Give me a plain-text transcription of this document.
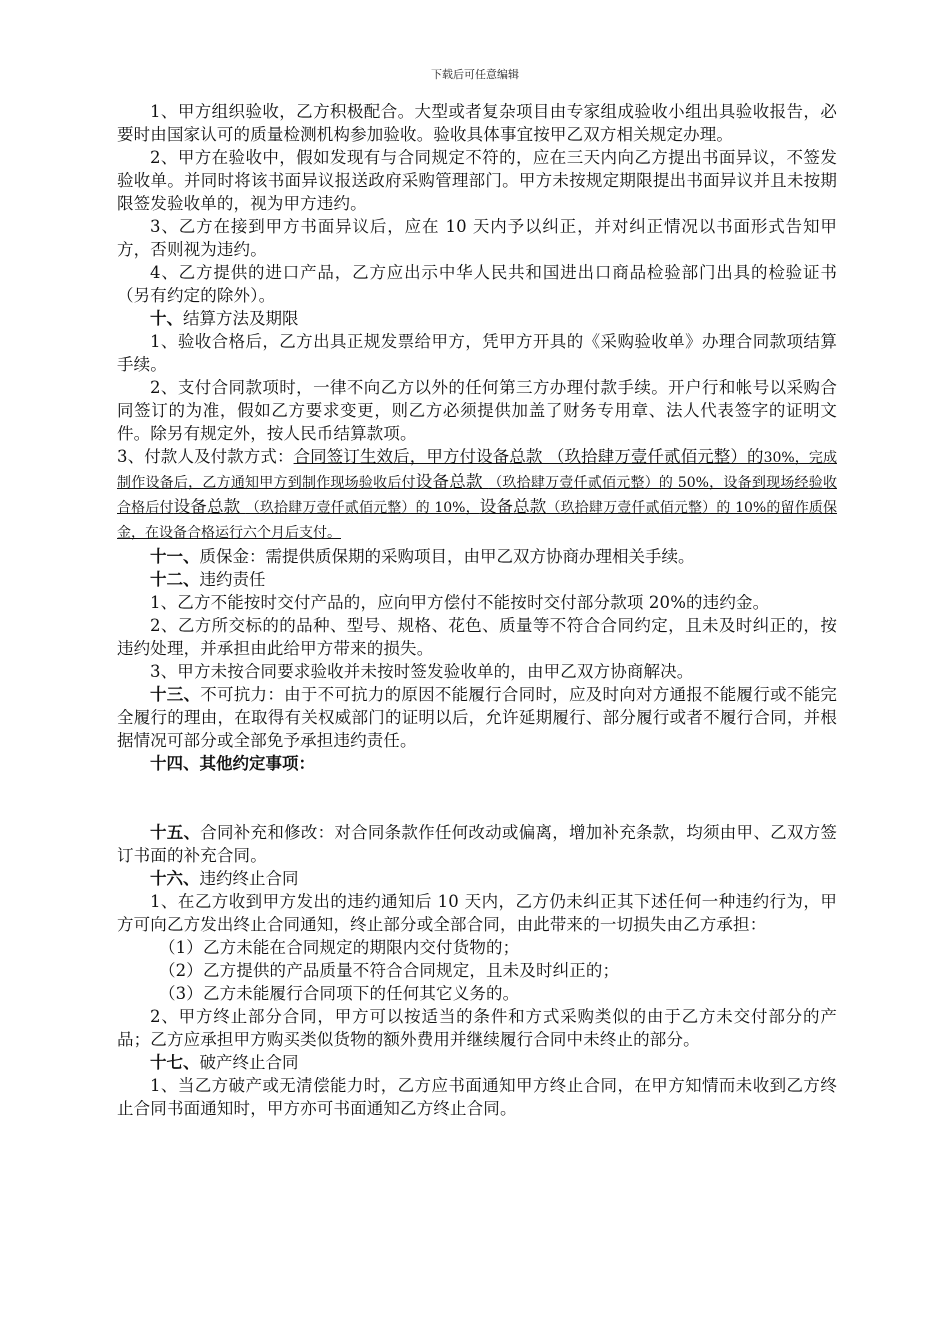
下载后可任意编辑

1、甲方组织验收，乙方积极配合。大型或者复杂项目由专家组成验收小组出具验收报告，必要时由国家认可的质量检测机构参加验收。验收具体事宜按甲乙双方相关规定办理。

2、甲方在验收中，假如发现有与合同规定不符的，应在三天内向乙方提出书面异议，不签发验收单。并同时将该书面异议报送政府采购管理部门。甲方未按规定期限提出书面异议并且未按期限签发验收单的，视为甲方违约。

3、乙方在接到甲方书面异议后，应在 10 天内予以纠正，并对纠正情况以书面形式告知甲方，否则视为违约。

4、乙方提供的进口产品，乙方应出示中华人民共和国进出口商品检验部门出具的检验证书（另有约定的除外）。

十、结算方法及期限

1、验收合格后，乙方出具正规发票给甲方，凭甲方开具的《采购验收单》办理合同款项结算手续。

2、支付合同款项时，一律不向乙方以外的任何第三方办理付款手续。开户行和帐号以采购合同签订的为准，假如乙方要求变更，则乙方必须提供加盖了财务专用章、法人代表签字的证明文件。除另有规定外，按人民币结算款项。

3、付款人及付款方式：合同签订生效后，甲方付设备总款 （玖拾肆万壹仟贰佰元整）的30%，完成制作设备后，乙方通知甲方到制作现场验收后付设备总款 （玖拾肆万壹仟贰佰元整）的 50%，设备到现场经验收合格后付设备总款 （玖拾肆万壹仟贰佰元整）的 10%，设备总款（玖拾肆万壹仟贰佰元整）的 10%的留作质保金，在设备合格运行六个月后支付。

十一、质保金：需提供质保期的采购项目，由甲乙双方协商办理相关手续。

十二、违约责任

1、乙方不能按时交付产品的，应向甲方偿付不能按时交付部分款项 20%的违约金。

2、乙方所交标的的品种、型号、规格、花色、质量等不符合合同约定，且未及时纠正的，按违约处理，并承担由此给甲方带来的损失。

3、甲方未按合同要求验收并未按时签发验收单的，由甲乙双方协商解决。

十三、不可抗力：由于不可抗力的原因不能履行合同时，应及时向对方通报不能履行或不能完全履行的理由，在取得有关权威部门的证明以后，允许延期履行、部分履行或者不履行合同，并根据情况可部分或全部免予承担违约责任。

十四、其他约定事项：

十五、合同补充和修改：对合同条款作任何改动或偏离，增加补充条款，均须由甲、乙双方签订书面的补充合同。

十六、违约终止合同

1、在乙方收到甲方发出的违约通知后 10 天内，乙方仍未纠正其下述任何一种违约行为，甲方可向乙方发出终止合同通知，终止部分或全部合同，由此带来的一切损失由乙方承担：

（1）乙方未能在合同规定的期限内交付货物的；

（2）乙方提供的产品质量不符合合同规定，且未及时纠正的；

（3）乙方未能履行合同项下的任何其它义务的。

2、甲方终止部分合同，甲方可以按适当的条件和方式采购类似的由于乙方未交付部分的产品；乙方应承担甲方购买类似货物的额外费用并继续履行合同中未终止的部分。

十七、破产终止合同

1、当乙方破产或无清偿能力时，乙方应书面通知甲方终止合同，在甲方知情而未收到乙方终止合同书面通知时，甲方亦可书面通知乙方终止合同。
